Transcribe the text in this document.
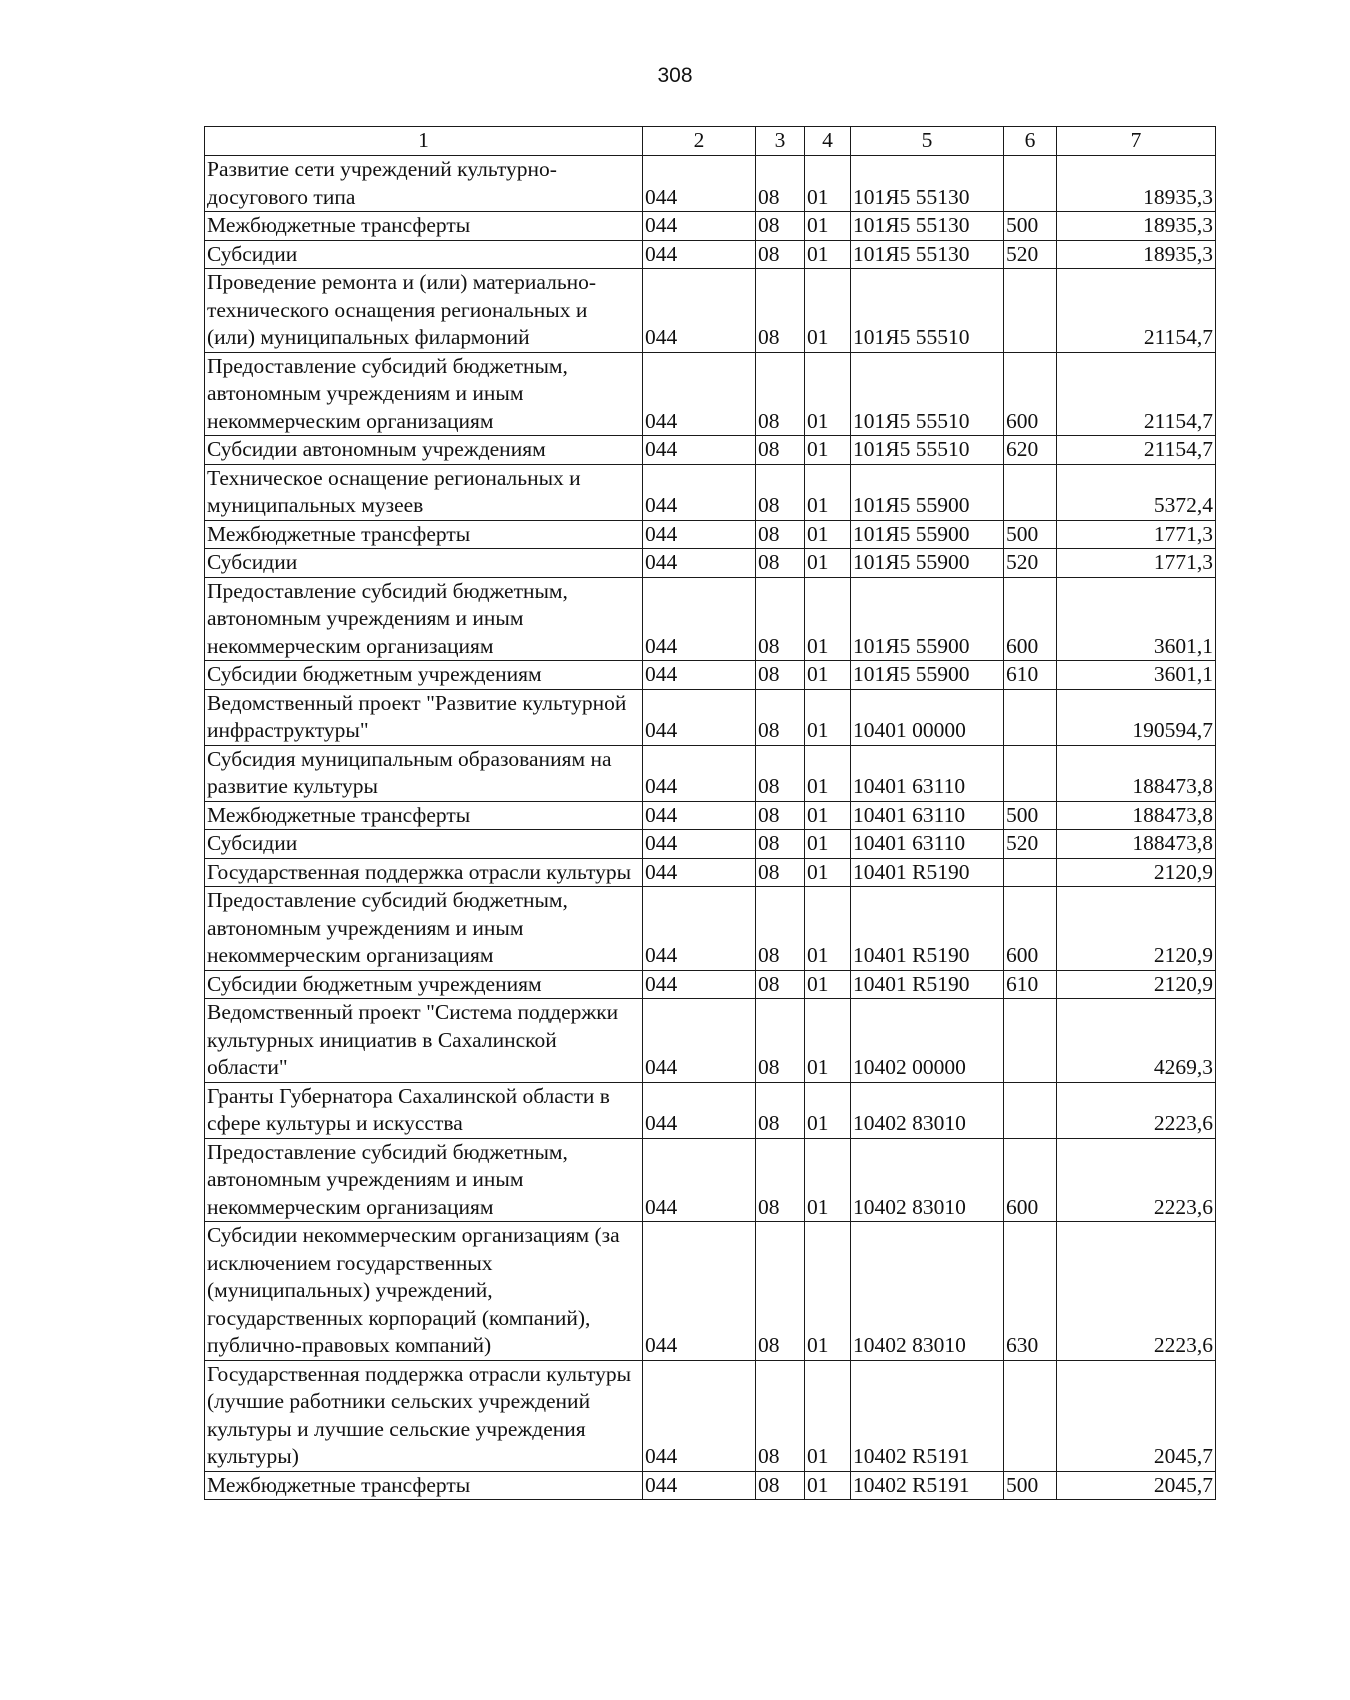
308
1	2	3	4	5	6	7
Развитие сети учреждений культурно-досугового типа	044	08	01	101Я5 55130		18935,3
Межбюджетные трансферты	044	08	01	101Я5 55130	500	18935,3
Субсидии	044	08	01	101Я5 55130	520	18935,3
Проведение ремонта и (или) материально-технического оснащения региональных и (или) муниципальных филармоний	044	08	01	101Я5 55510		21154,7
Предоставление субсидий бюджетным, автономным учреждениям и иным некоммерческим организациям	044	08	01	101Я5 55510	600	21154,7
Субсидии автономным учреждениям	044	08	01	101Я5 55510	620	21154,7
Техническое оснащение региональных и муниципальных музеев	044	08	01	101Я5 55900		5372,4
Межбюджетные трансферты	044	08	01	101Я5 55900	500	1771,3
Субсидии	044	08	01	101Я5 55900	520	1771,3
Предоставление субсидий бюджетным, автономным учреждениям и иным некоммерческим организациям	044	08	01	101Я5 55900	600	3601,1
Субсидии бюджетным учреждениям	044	08	01	101Я5 55900	610	3601,1
Ведомственный проект "Развитие культурной инфраструктуры"	044	08	01	10401 00000		190594,7
Субсидия муниципальным образованиям на развитие культуры	044	08	01	10401 63110		188473,8
Межбюджетные трансферты	044	08	01	10401 63110	500	188473,8
Субсидии	044	08	01	10401 63110	520	188473,8
Государственная поддержка отрасли культуры	044	08	01	10401 R5190		2120,9
Предоставление субсидий бюджетным, автономным учреждениям и иным некоммерческим организациям	044	08	01	10401 R5190	600	2120,9
Субсидии бюджетным учреждениям	044	08	01	10401 R5190	610	2120,9
Ведомственный проект "Система поддержки культурных инициатив в Сахалинской области"	044	08	01	10402 00000		4269,3
Гранты Губернатора Сахалинской области в сфере культуры и искусства	044	08	01	10402 83010		2223,6
Предоставление субсидий бюджетным, автономным учреждениям и иным некоммерческим организациям	044	08	01	10402 83010	600	2223,6
Субсидии некоммерческим организациям (за исключением государственных (муниципальных) учреждений, государственных корпораций (компаний), публично-правовых компаний)	044	08	01	10402 83010	630	2223,6
Государственная поддержка отрасли культуры (лучшие работники сельских учреждений культуры и лучшие сельские учреждения культуры)	044	08	01	10402 R5191		2045,7
Межбюджетные трансферты	044	08	01	10402 R5191	500	2045,7
